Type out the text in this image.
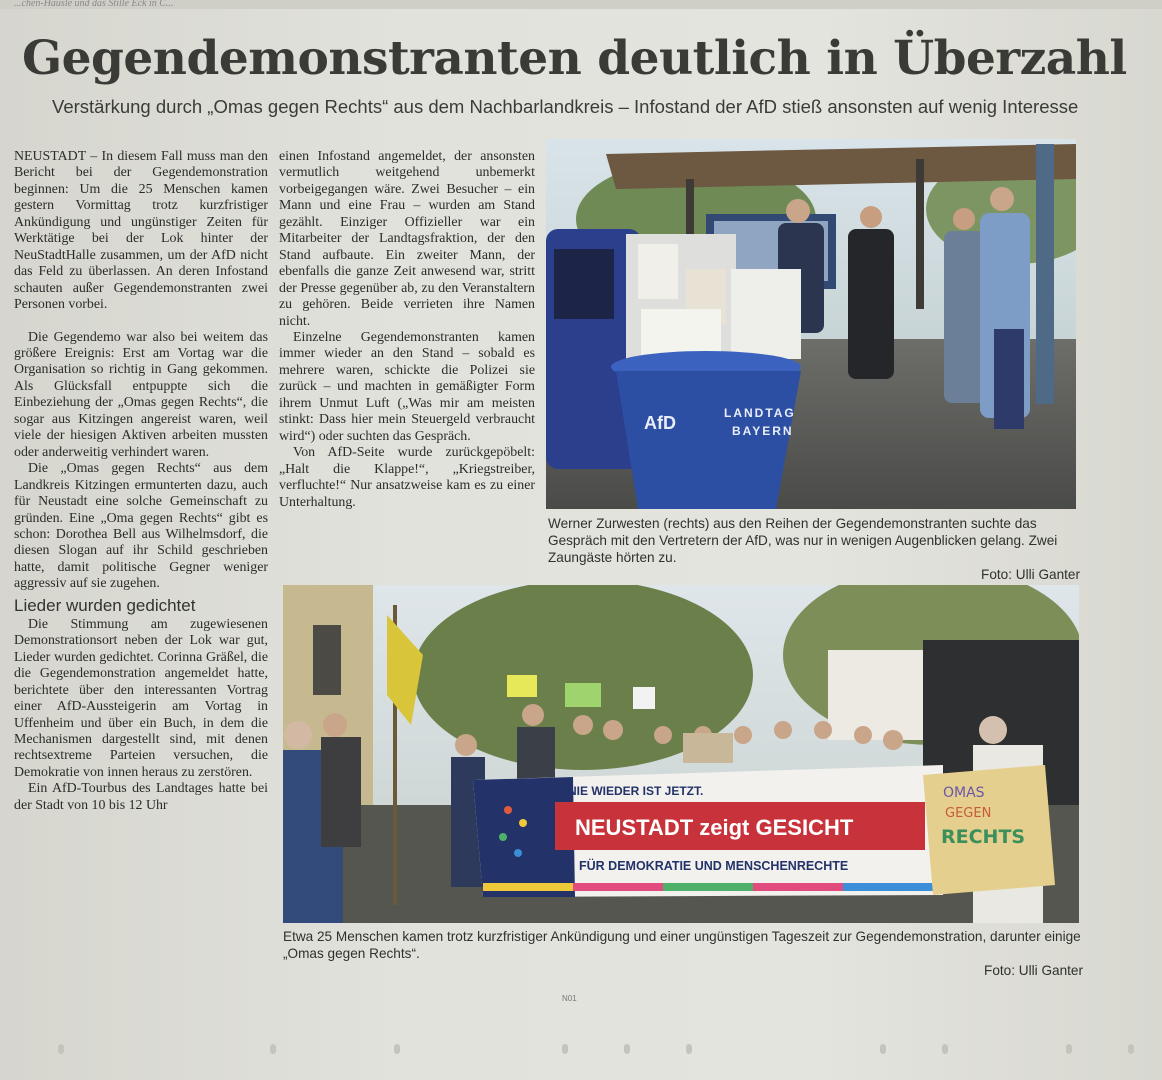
...chen-Häusle und das Stille Eck in C...
Gegendemonstranten deutlich in Überzahl
Verstärkung durch „Omas gegen Rechts“ aus dem Nachbarlandkreis – Infostand der AfD stieß ansonsten auf wenig Interesse

NEUSTADT – In diesem Fall muss man den Bericht bei der Gegendemonstration beginnen: Um die 25 Menschen kamen gestern Vormittag trotz kurzfristiger Ankündigung und ungünstiger Zeiten für Werktätige bei der Lok hinter der NeuStadtHalle zusammen, um der AfD nicht das Feld zu überlassen. An deren Infostand schauten außer Gegendemonstranten zwei Personen vorbei.

Die Gegendemo war also bei weitem das größere Ereignis: Erst am Vortag war die Organisation so richtig in Gang gekommen. Als Glücksfall entpuppte sich die Einbeziehung der „Omas gegen Rechts“, die sogar aus Kitzingen angereist waren, weil viele der hiesigen Aktiven arbeiten mussten oder anderweitig verhindert waren.

Die „Omas gegen Rechts“ aus dem Landkreis Kitzingen ermunterten dazu, auch für Neustadt eine solche Gemeinschaft zu gründen. Eine „Oma gegen Rechts“ gibt es schon: Dorothea Bell aus Wilhelmsdorf, die diesen Slogan auf ihr Schild geschrieben hatte, damit politische Gegner weniger aggressiv auf sie zugehen.

Lieder wurden gedichtet

Die Stimmung am zugewiesenen Demonstrationsort neben der Lok war gut, Lieder wurden gedichtet. Corinna Gräßel, die die Gegendemonstration angemeldet hatte, berichtete über den interessanten Vortrag einer AfD-Aussteigerin am Vortag in Uffenheim und über ein Buch, in dem die Mechanismen dargestellt sind, mit denen rechtsextreme Parteien versuchen, die Demokratie von innen heraus zu zerstören.

Ein AfD-Tourbus des Landtages hatte bei der Stadt von 10 bis 12 Uhr

einen Infostand angemeldet, der ansonsten vermutlich weitgehend unbemerkt vorbeigegangen wäre. Zwei Besucher – ein Mann und eine Frau – wurden am Stand gezählt. Einziger Offizieller war ein Mitarbeiter der Landtagsfraktion, der den Stand aufbaute. Ein zweiter Mann, der ebenfalls die ganze Zeit anwesend war, stritt der Presse gegenüber ab, zu den Veranstaltern zu gehören. Beide verrieten ihre Namen nicht.

Einzelne Gegendemonstranten kamen immer wieder an den Stand – sobald es mehrere waren, schickte die Polizei sie zurück – und machten in gemäßigter Form ihrem Unmut Luft („Was mir am meisten stinkt: Dass hier mein Steuergeld verbraucht wird“) oder suchten das Gespräch.

Von AfD-Seite wurde zurückgepöbelt: „Halt die Klappe!“, „Kriegstreiber, verfluchte!“ Nur ansatzweise kam es zu einer Unterhaltung.

AfD	LANDTAG
BAYERN
Werner Zurwesten (rechts) aus den Reihen der Gegendemonstranten suchte das Gespräch mit den Vertretern der AfD, was nur in wenigen Augenblicken gelang. Zwei Zaungäste hörten zu.
Foto: Ulli Ganter
NIE WIEDER IST JETZT.
NEUSTADT zeigt GESICHT
FÜR DEMOKRATIE UND MENSCHENRECHTE
OMAS
GEGEN
RECHTS
Etwa 25 Menschen kamen trotz kurzfristiger Ankündigung und einer ungünstigen Tageszeit zur Gegendemonstration, darunter einige „Omas gegen Rechts“.
Foto: Ulli Ganter
N01
